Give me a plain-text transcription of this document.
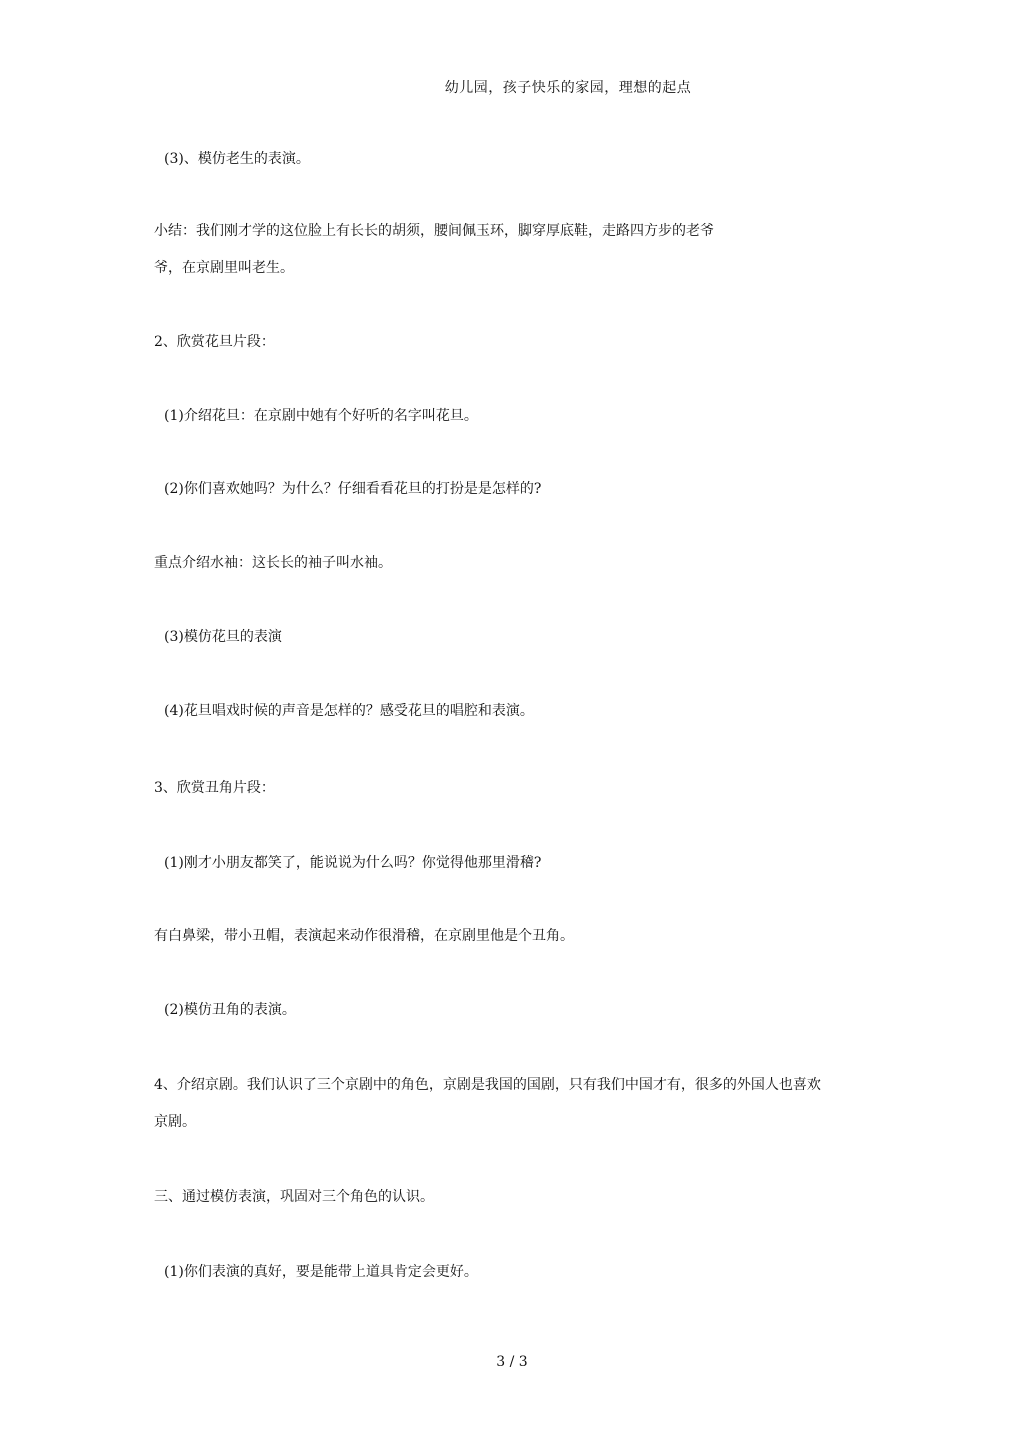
幼儿园，孩子快乐的家园，理想的起点
(3)、模仿老生的表演。
小结：我们刚才学的这位脸上有长长的胡须，腰间佩玉环，脚穿厚底鞋，走路四方步的老爷
爷，在京剧里叫老生。
2、欣赏花旦片段：
(1)介绍花旦：在京剧中她有个好听的名字叫花旦。
(2)你们喜欢她吗？为什么？仔细看看花旦的打扮是是怎样的?
重点介绍水袖：这长长的袖子叫水袖。
(3)模仿花旦的表演
(4)花旦唱戏时候的声音是怎样的？感受花旦的唱腔和表演。
3、欣赏丑角片段：
(1)刚才小朋友都笑了，能说说为什么吗？你觉得他那里滑稽?
有白鼻梁，带小丑帽，表演起来动作很滑稽，在京剧里他是个丑角。
(2)模仿丑角的表演。
4、介绍京剧。我们认识了三个京剧中的角色，京剧是我国的国剧，只有我们中国才有，很多的外国人也喜欢
京剧。
三、通过模仿表演，巩固对三个角色的认识。
(1)你们表演的真好，要是能带上道具肯定会更好。
3 / 3
